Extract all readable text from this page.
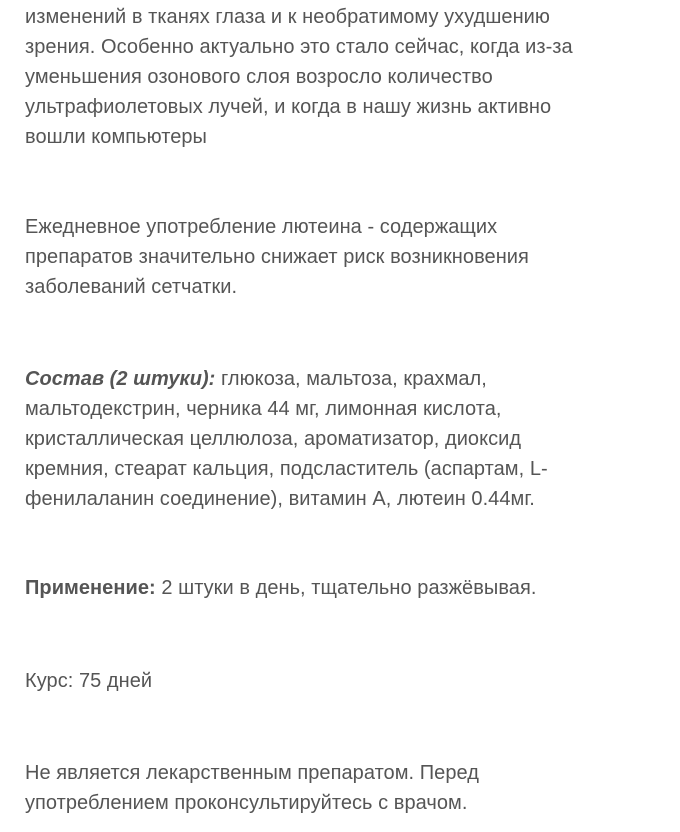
изменений в тканях глаза и к необратимому ухудшению
зрения. Особенно актуально это стало сейчас, когда из-за
уменьшения озонового слоя возросло количество
ультрафиолетовых лучей, и когда в нашу жизнь активно
вошли компьютеры

Ежедневное употребление лютеина - содержащих
препаратов значительно снижает риск возникновения
заболеваний сетчатки.

Состав (2 штуки): глюкоза, мальтоза, крахмал,
мальтодекстрин, черника 44 мг, лимонная кислота,
кристаллическая целлюлоза, ароматизатор, диоксид
кремния, стеарат кальция, подсластитель (аспартам, L-
фенилаланин соединение), витамин А, лютеин 0.44мг.

Применение: 2 штуки в день, тщательно разжёвывая.

Курс: 75 дней

Не является лекарственным препаратом. Перед
употреблением проконсультируйтесь с врачом.
